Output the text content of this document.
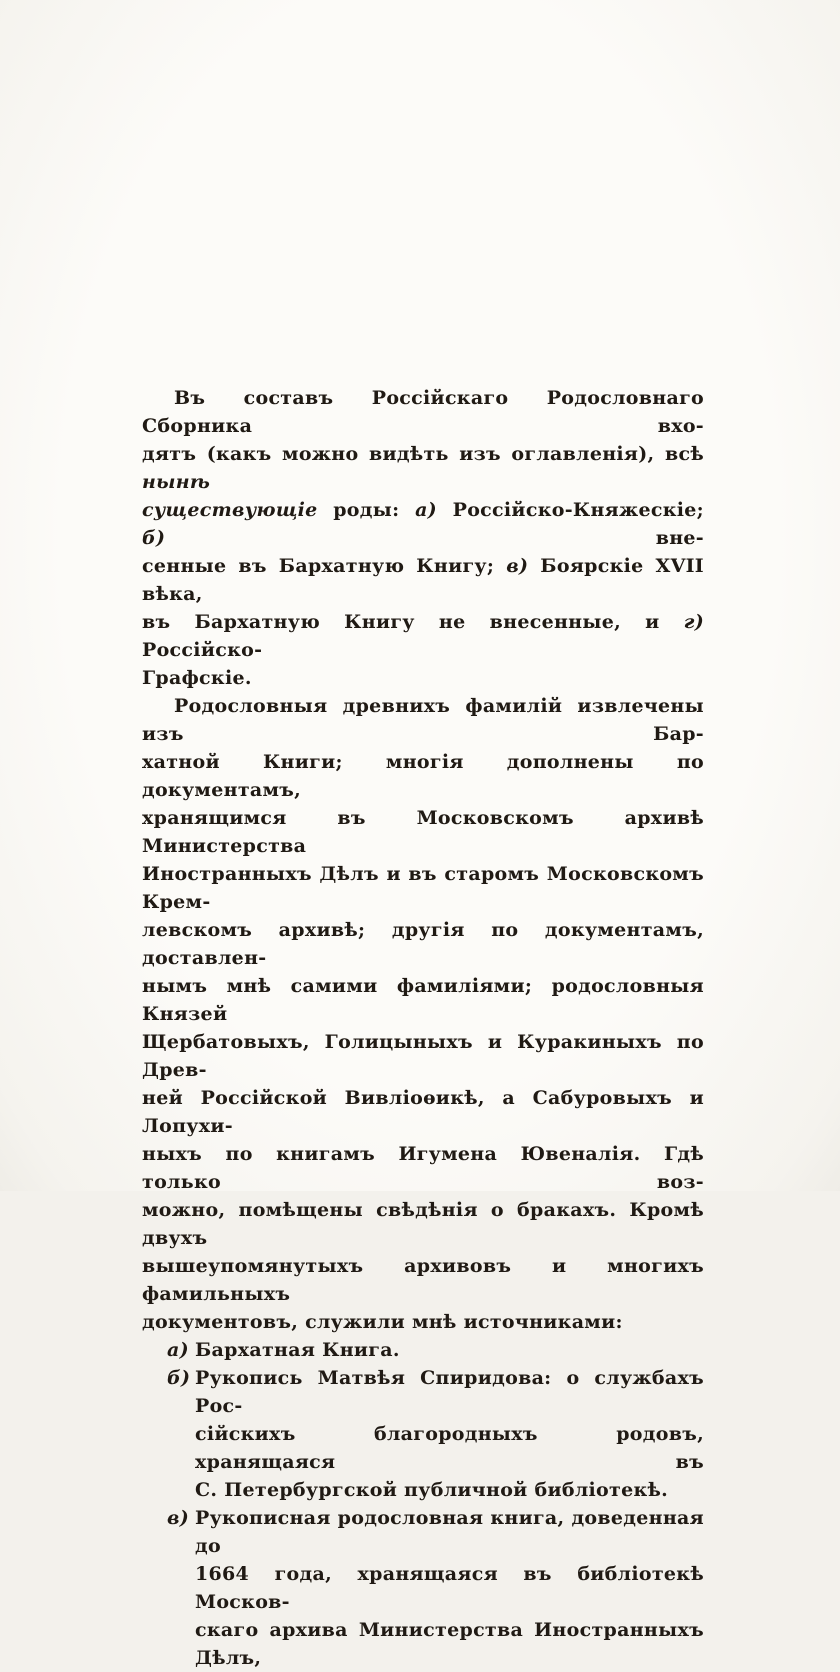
Въ составъ Россійскаго Родословнаго Сборника вхо-
дятъ (какъ можно видѣть изъ оглавленія), всѣ нынѣ
существующіе роды: а) Россійско-Княжескіе; б) вне-
сенные въ Бархатную Книгу; в) Боярскіе XVII вѣка,
въ Бархатную Книгу не внесенные, и г) Россійско-
Графскіе.
Родословныя древнихъ фамилій извлечены изъ Бар-
хатной Книги; многія дополнены по документамъ,
хранящимся въ Московскомъ архивѣ Министерства
Иностранныхъ Дѣлъ и въ старомъ Московскомъ Крем-
левскомъ архивѣ; другія по документамъ, доставлен-
нымъ мнѣ самими фамиліями; родословныя Князей
Щербатовыхъ, Голицыныхъ и Куракиныхъ по Древ-
ней Россійской Вивліоѳикѣ, а Сабуровыхъ и Лопухи-
ныхъ по книгамъ Игумена Ювеналія. Гдѣ только воз-
можно, помѣщены свѣдѣнія о бракахъ. Кромѣ двухъ
вышеупомянутыхъ архивовъ и многихъ фамильныхъ
документовъ, служили мнѣ источниками:
а) Бархатная Книга.
б) Рукопись Матвѣя Спиридова: о службахъ Рос-
сійскихъ благородныхъ родовъ, хранящаяся въ
С. Петербургской публичной библіотекѣ.
в) Рукописная родословная книга, доведенная до
1664 года, хранящаяся въ библіотекѣ Москов-
скаго архива Министерства Иностранныхъ Дѣлъ,
